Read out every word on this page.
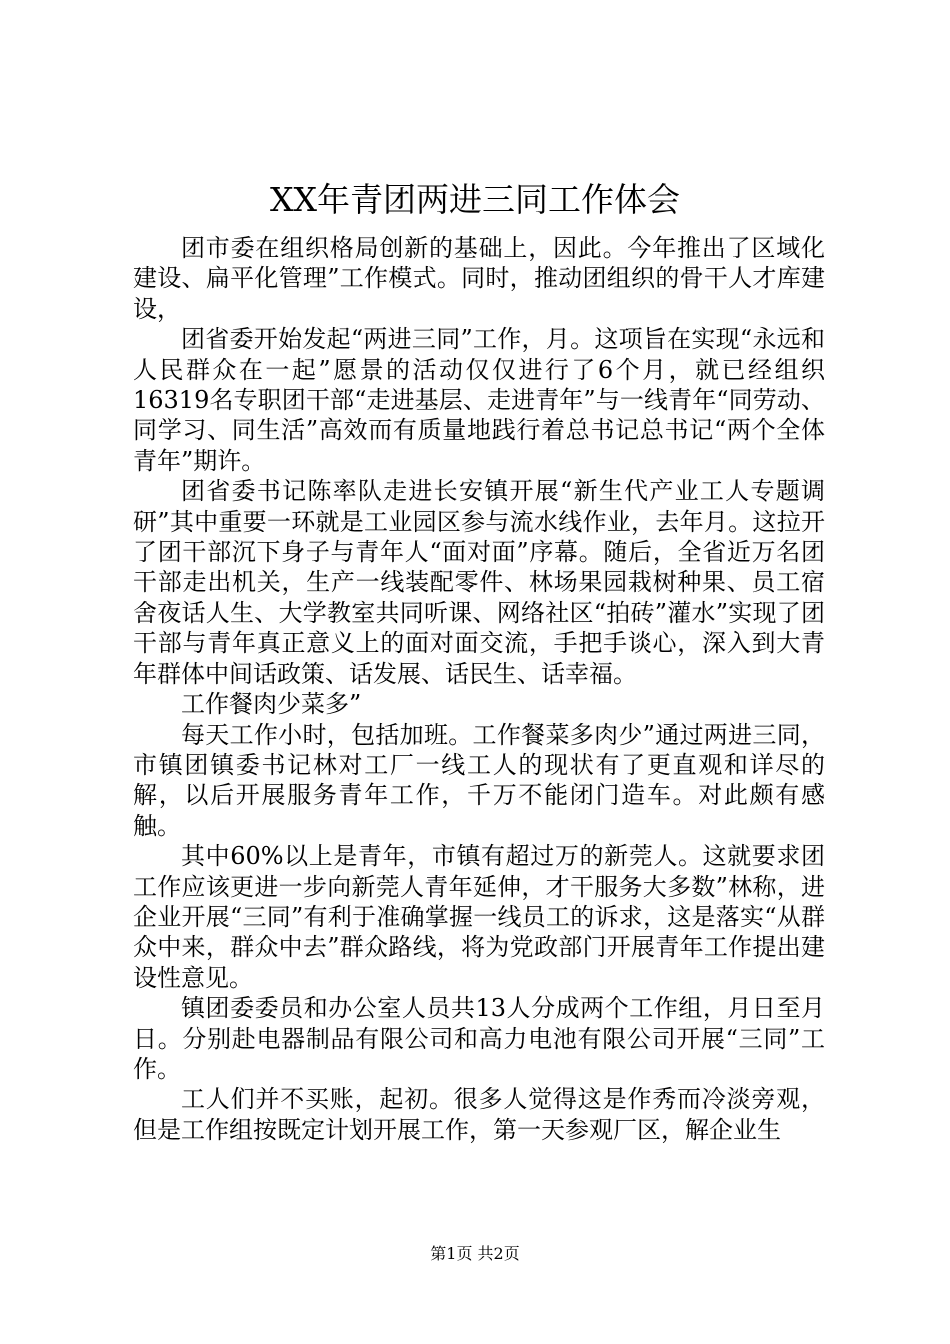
XX年青团两进三同工作体会

团市委在组织格局创新的基础上，因此。今年推出了区域化建设、扁平化管理”工作模式。同时，推动团组织的骨干人才库建设，

团省委开始发起“两进三同”工作，月。这项旨在实现“永远和人民群众在一起”愿景的活动仅仅进行了6个月，就已经组织16319名专职团干部“走进基层、走进青年”与一线青年“同劳动、同学习、同生活”高效而有质量地践行着总书记总书记“两个全体青年”期许。

团省委书记陈率队走进长安镇开展“新生代产业工人专题调研”其中重要一环就是工业园区参与流水线作业，去年月。这拉开了团干部沉下身子与青年人“面对面”序幕。随后，全省近万名团干部走出机关，生产一线装配零件、林场果园栽树种果、员工宿舍夜话人生、大学教室共同听课、网络社区“拍砖”灌水”实现了团干部与青年真正意义上的面对面交流，手把手谈心，深入到大青年群体中间话政策、话发展、话民生、话幸福。

工作餐肉少菜多”

每天工作小时，包括加班。工作餐菜多肉少”通过两进三同，市镇团镇委书记林对工厂一线工人的现状有了更直观和详尽的解，以后开展服务青年工作，千万不能闭门造车。对此颇有感触。

其中60%以上是青年，市镇有超过万的新莞人。这就要求团工作应该更进一步向新莞人青年延伸，才干服务大多数”林称，进企业开展“三同”有利于准确掌握一线员工的诉求，这是落实“从群众中来，群众中去”群众路线，将为党政部门开展青年工作提出建设性意见。

镇团委委员和办公室人员共13人分成两个工作组，月日至月日。分别赴电器制品有限公司和高力电池有限公司开展“三同”工作。

工人们并不买账，起初。很多人觉得这是作秀而冷淡旁观，但是工作组按既定计划开展工作，第一天参观厂区，解企业生

第1页 共2页
